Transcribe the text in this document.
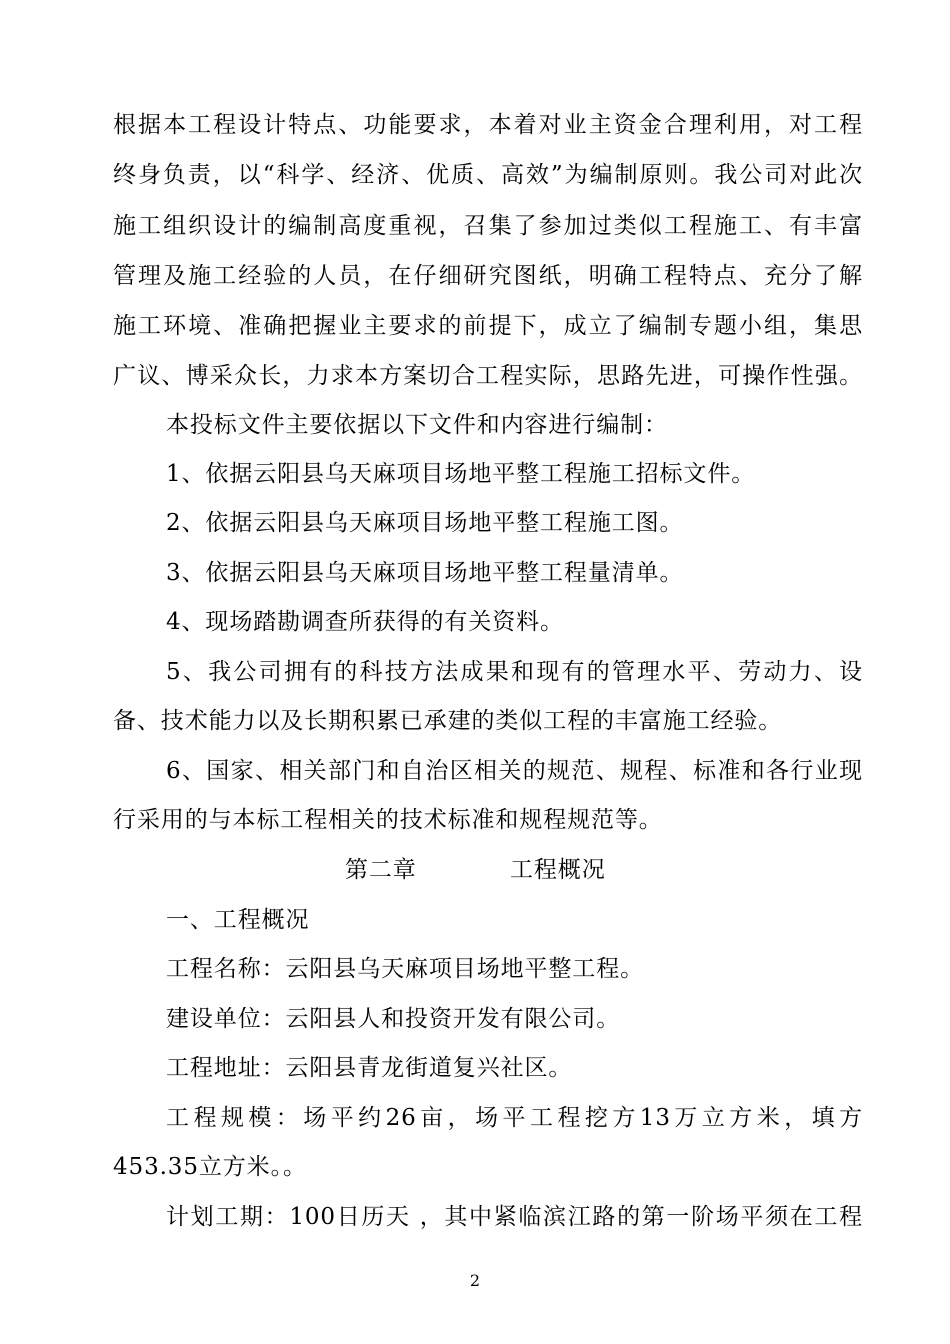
根据本工程设计特点、功能要求，本着对业主资金合理利用，对工程
终身负责，以“科学、经济、优质、高效”为编制原则。我公司对此次
施工组织设计的编制高度重视，召集了参加过类似工程施工、有丰富
管理及施工经验的人员，在仔细研究图纸，明确工程特点、充分了解
施工环境、准确把握业主要求的前提下，成立了编制专题小组，集思
广议、博采众长，力求本方案切合工程实际，思路先进，可操作性强。
本投标文件主要依据以下文件和内容进行编制：
1、依据云阳县乌天麻项目场地平整工程施工招标文件。
2、依据云阳县乌天麻项目场地平整工程施工图。
3、依据云阳县乌天麻项目场地平整工程量清单。
4、现场踏勘调查所获得的有关资料。
5、我公司拥有的科技方法成果和现有的管理水平、劳动力、设
备、技术能力以及长期积累已承建的类似工程的丰富施工经验。
6、国家、相关部门和自治区相关的规范、规程、标准和各行业现
行采用的与本标工程相关的技术标准和规程规范等。
第二章	工程概况
一、工程概况
工程名称：云阳县乌天麻项目场地平整工程。
建设单位：云阳县人和投资开发有限公司。
工程地址：云阳县青龙街道复兴社区。
工程规模：场平约26亩，场平工程挖方13万立方米，填方
453.35立方米。。
计划工期：100日历天 ，其中紧临滨江路的第一阶场平须在工程
2
